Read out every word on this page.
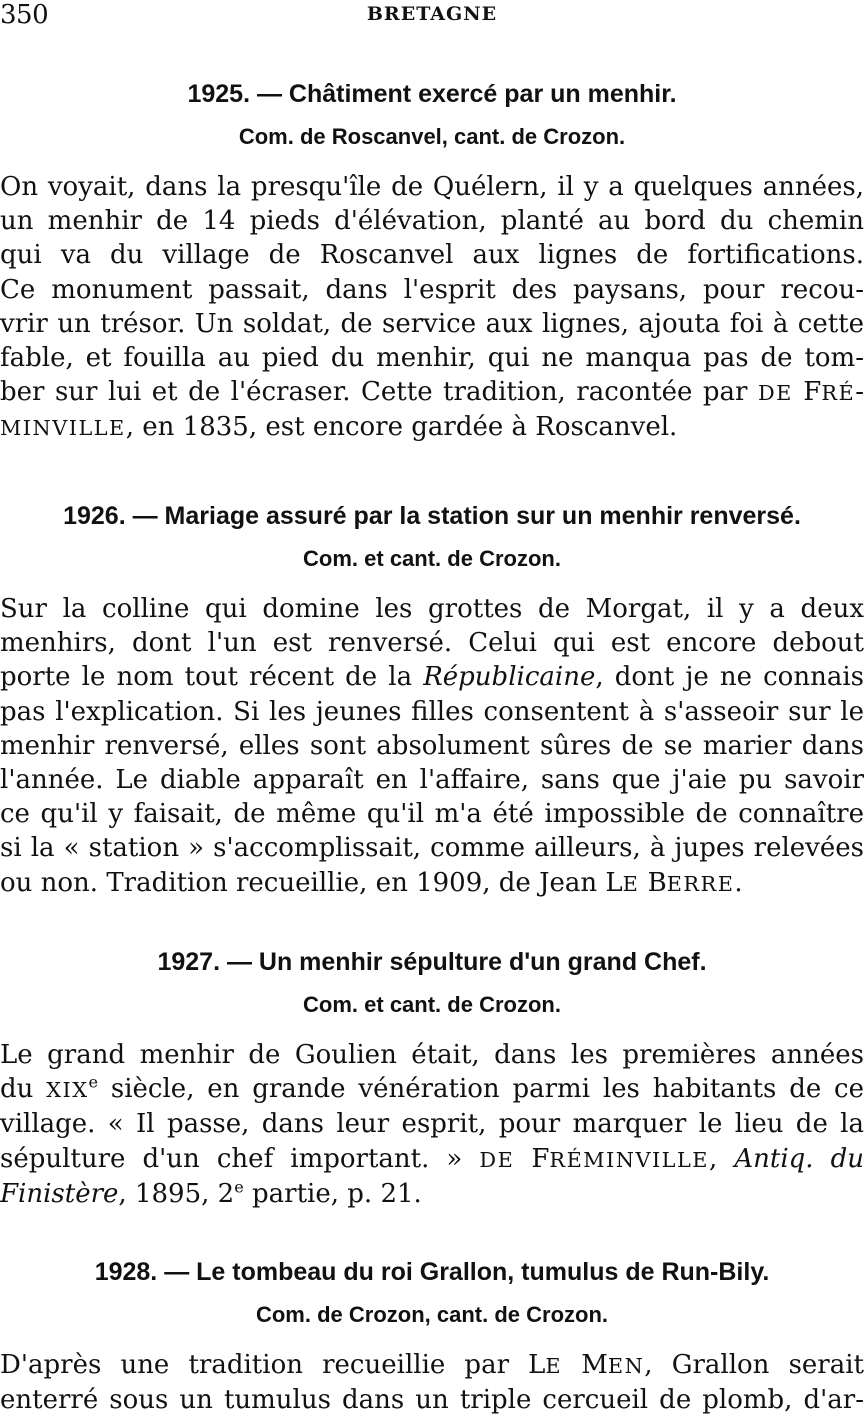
350	BRETAGNE
1925. — Châtiment exercé par un menhir.
Com. de Roscanvel, cant. de Crozon.
On voyait, dans la presqu'île de Quélern, il y a quelques années,
un menhir de 14 pieds d'élévation, planté au bord du chemin
qui va du village de Roscanvel aux lignes de fortifications.
Ce monument passait, dans l'esprit des paysans, pour recou-
vrir un trésor. Un soldat, de service aux lignes, ajouta foi à cette
fable, et fouilla au pied du menhir, qui ne manqua pas de tom-
ber sur lui et de l'écraser. Cette tradition, racontée par DE FRÉ-
MINVILLE, en 1835, est encore gardée à Roscanvel.
1926. — Mariage assuré par la station sur un menhir renversé.
Com. et cant. de Crozon.
Sur la colline qui domine les grottes de Morgat, il y a deux
menhirs, dont l'un est renversé. Celui qui est encore debout
porte le nom tout récent de la Républicaine, dont je ne connais
pas l'explication. Si les jeunes filles consentent à s'asseoir sur le
menhir renversé, elles sont absolument sûres de se marier dans
l'année. Le diable apparaît en l'affaire, sans que j'aie pu savoir
ce qu'il y faisait, de même qu'il m'a été impossible de connaître
si la « station » s'accomplissait, comme ailleurs, à jupes relevées
ou non. Tradition recueillie, en 1909, de Jean LE BERRE.
1927. — Un menhir sépulture d'un grand Chef.
Com. et cant. de Crozon.
Le grand menhir de Goulien était, dans les premières années
du XIXe siècle, en grande vénération parmi les habitants de ce
village. « Il passe, dans leur esprit, pour marquer le lieu de la
sépulture d'un chef important. » DE FRÉMINVILLE, Antiq. du
Finistère, 1895, 2e partie, p. 21.
1928. — Le tombeau du roi Grallon, tumulus de Run-Bily.
Com. de Crozon, cant. de Crozon.
D'après une tradition recueillie par LE MEN, Grallon serait
enterré sous un tumulus dans un triple cercueil de plomb, d'ar-
